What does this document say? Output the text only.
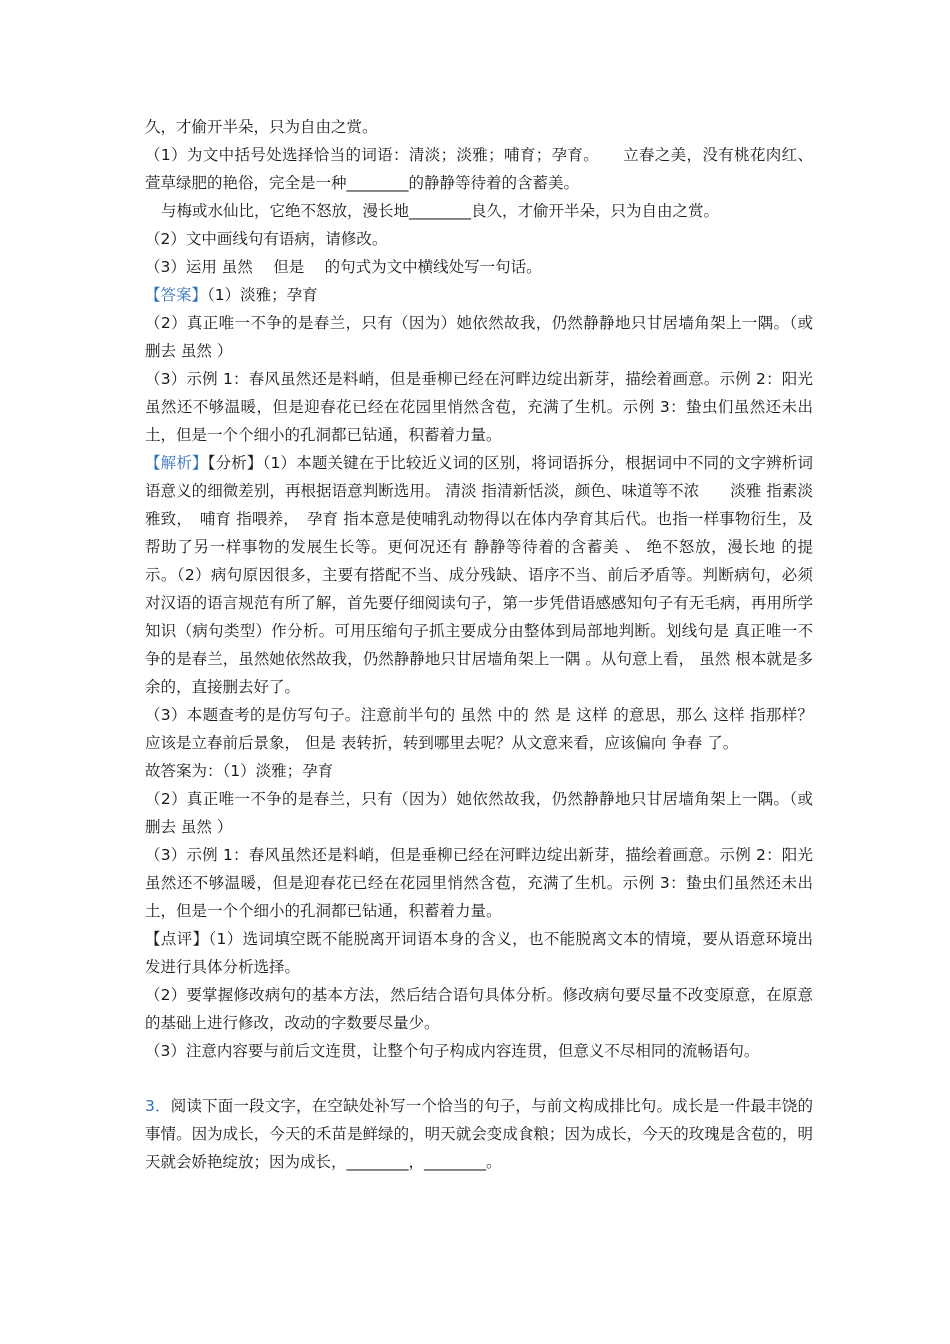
久，才偷开半朵，只为自由之赏。

（1）为文中括号处选择恰当的词语：清淡；淡雅；哺育；孕育。　　立春之美，没有桃花肉红、萱草绿肥的艳俗，完全是一种________的静静等待着的含蓄美。

与梅或水仙比，它绝不怒放，漫长地________良久，才偷开半朵，只为自由之赏。

（2）文中画线句有语病，请修改。

（3）运用 虽然　 但是　 的句式为文中横线处写一句话。

【答案】（1）淡雅；孕育

（2）真正唯一不争的是春兰，只有（因为）她依然故我，仍然静静地只甘居墙角架上一隅。（或删去 虽然 ）

（3）示例 1：春风虽然还是料峭，但是垂柳已经在河畔边绽出新芽，描绘着画意。示例 2：阳光虽然还不够温暖，但是迎春花已经在花园里悄然含苞，充满了生机。示例 3：蛰虫们虽然还未出土，但是一个个细小的孔洞都已钻通，积蓄着力量。

【解析】【分析】（1）本题关键在于比较近义词的区别，将词语拆分，根据词中不同的文字辨析词语意义的细微差别，再根据语意判断选用。 清淡 指清新恬淡，颜色、味道等不浓　　淡雅 指素淡雅致，　哺育 指喂养，　孕育 指本意是使哺乳动物得以在体内孕育其后代。也指一样事物衍生，及帮助了另一样事物的发展生长等。更何况还有 静静等待着的含蓄美 、 绝不怒放，漫长地 的提示。（2）病句原因很多，主要有搭配不当、成分残缺、语序不当、前后矛盾等。判断病句，必须对汉语的语言规范有所了解，首先要仔细阅读句子，第一步凭借语感感知句子有无毛病，再用所学知识（病句类型）作分析。可用压缩句子抓主要成分由整体到局部地判断。划线句是 真正唯一不争的是春兰，虽然她依然故我，仍然静静地只甘居墙角架上一隅 。从句意上看， 虽然 根本就是多余的，直接删去好了。

（3）本题查考的是仿写句子。注意前半句的 虽然 中的 然 是 这样 的意思，那么 这样 指那样？应该是立春前后景象， 但是 表转折，转到哪里去呢？从文意来看，应该偏向 争春 了。

故答案为：（1）淡雅；孕育

（2）真正唯一不争的是春兰，只有（因为）她依然故我，仍然静静地只甘居墙角架上一隅。（或删去 虽然 ）

（3）示例 1：春风虽然还是料峭，但是垂柳已经在河畔边绽出新芽，描绘着画意。示例 2：阳光虽然还不够温暖，但是迎春花已经在花园里悄然含苞，充满了生机。示例 3：蛰虫们虽然还未出土，但是一个个细小的孔洞都已钻通，积蓄着力量。

【点评】（1）选词填空既不能脱离开词语本身的含义，也不能脱离文本的情境，要从语意环境出发进行具体分析选择。

（2）要掌握修改病句的基本方法，然后结合语句具体分析。修改病句要尽量不改变原意，在原意的基础上进行修改，改动的字数要尽量少。

（3）注意内容要与前后文连贯，让整个句子构成内容连贯，但意义不尽相同的流畅语句。

3．阅读下面一段文字，在空缺处补写一个恰当的句子，与前文构成排比句。成长是一件最丰饶的事情。因为成长，今天的禾苗是鲜绿的，明天就会变成食粮；因为成长，今天的玫瑰是含苞的，明天就会娇艳绽放；因为成长，________，________。
